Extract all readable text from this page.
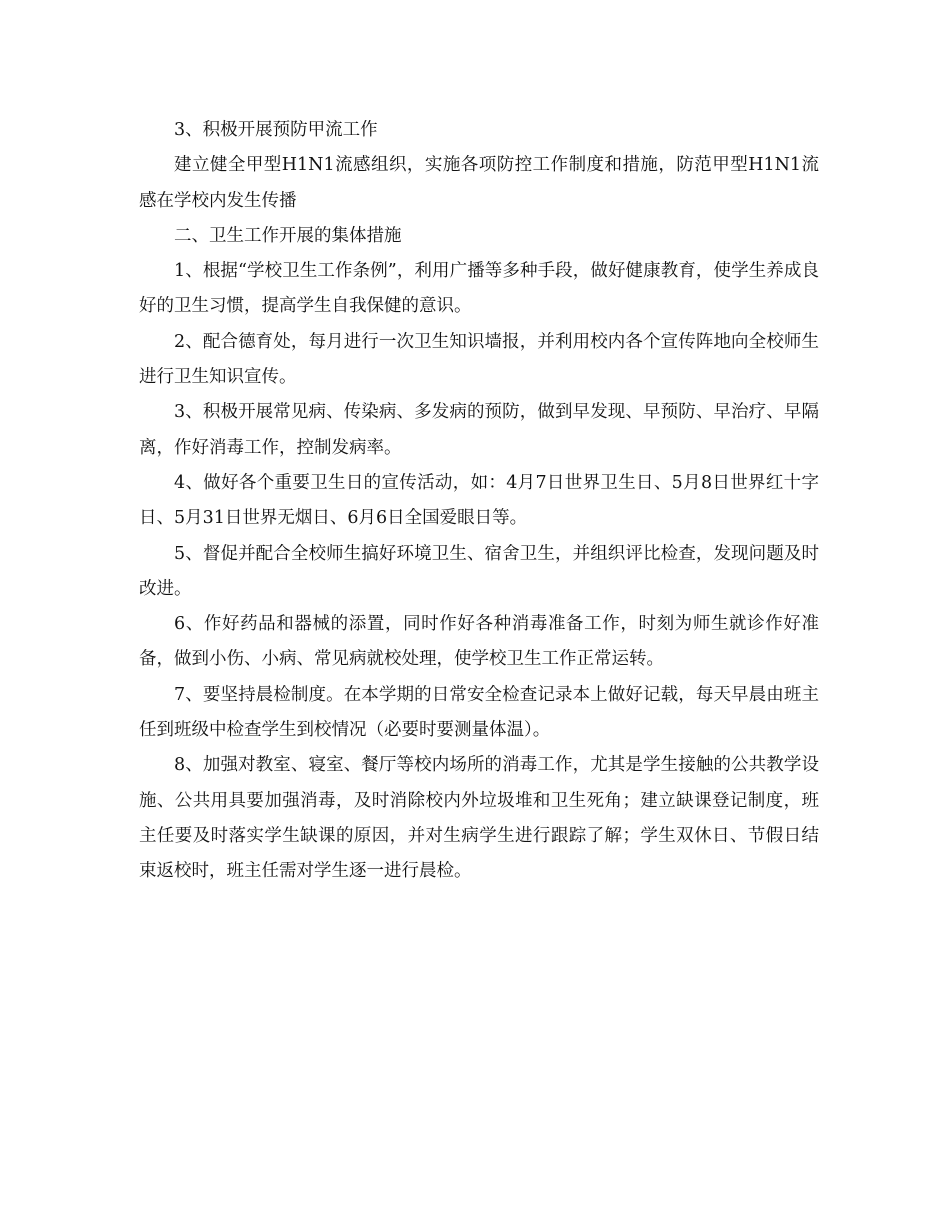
3、积极开展预防甲流工作

建立健全甲型H1N1流感组织，实施各项防控工作制度和措施，防范甲型H1N1流感在学校内发生传播

二、卫生工作开展的集体措施

1、根据“学校卫生工作条例”，利用广播等多种手段，做好健康教育，使学生养成良好的卫生习惯，提高学生自我保健的意识。

2、配合德育处，每月进行一次卫生知识墙报，并利用校内各个宣传阵地向全校师生进行卫生知识宣传。

3、积极开展常见病、传染病、多发病的预防，做到早发现、早预防、早治疗、早隔离，作好消毒工作，控制发病率。

4、做好各个重要卫生日的宣传活动，如：4月7日世界卫生日、5月8日世界红十字日、5月31日世界无烟日、6月6日全国爱眼日等。

5、督促并配合全校师生搞好环境卫生、宿舍卫生，并组织评比检查，发现问题及时改进。

6、作好药品和器械的添置，同时作好各种消毒准备工作，时刻为师生就诊作好准备，做到小伤、小病、常见病就校处理，使学校卫生工作正常运转。

7、要坚持晨检制度。在本学期的日常安全检查记录本上做好记载，每天早晨由班主任到班级中检查学生到校情况（必要时要测量体温）。

8、加强对教室、寝室、餐厅等校内场所的消毒工作，尤其是学生接触的公共教学设施、公共用具要加强消毒，及时消除校内外垃圾堆和卫生死角；建立缺课登记制度，班主任要及时落实学生缺课的原因，并对生病学生进行跟踪了解；学生双休日、节假日结束返校时，班主任需对学生逐一进行晨检。
